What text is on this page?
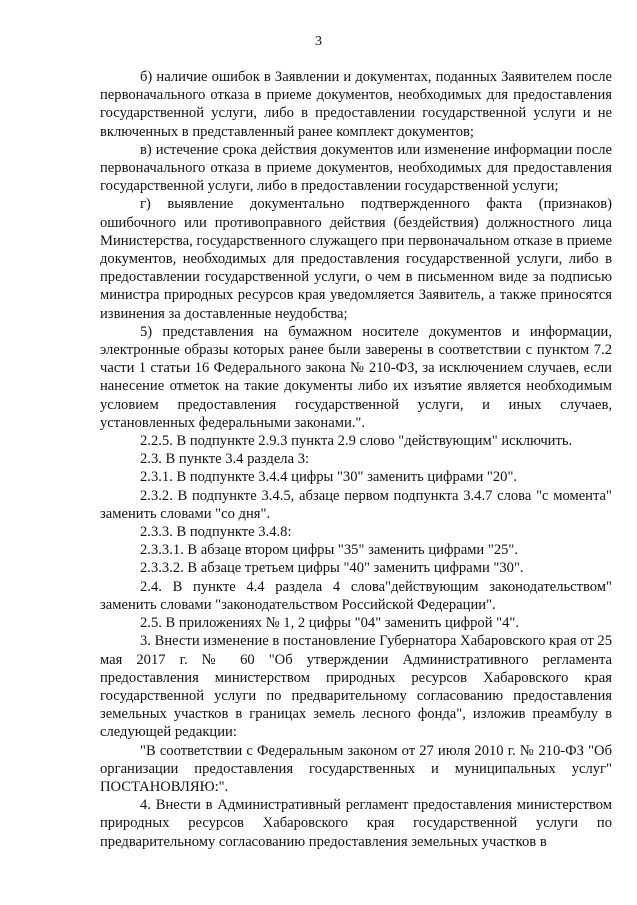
3

б) наличие ошибок в Заявлении и документах, поданных Заявителем после первоначального отказа в приеме документов, необходимых для предоставления государственной услуги, либо в предоставлении государственной услуги и не включенных в представленный ранее комплект документов;

в) истечение срока действия документов или изменение информации после первоначального отказа в приеме документов, необходимых для предоставления государственной услуги, либо в предоставлении государственной услуги;

г) выявление документально подтвержденного факта (признаков) ошибочного или противоправного действия (бездействия) должностного лица Министерства, государственного служащего при первоначальном отказе в приеме документов, необходимых для предоставления государственной услуги, либо в предоставлении государственной услуги, о чем в письменном виде за подписью министра природных ресурсов края уведомляется Заявитель, а также приносятся извинения за доставленные неудобства;

5) представления на бумажном носителе документов и информации, электронные образы которых ранее были заверены в соответствии с пунктом 7.2 части 1 статьи 16 Федерального закона № 210-ФЗ, за исключением случаев, если нанесение отметок на такие документы либо их изъятие является необходимым условием предоставления государственной услуги, и иных случаев, установленных федеральными законами.".

2.2.5. В подпункте 2.9.3 пункта 2.9 слово "действующим" исключить.

2.3. В пункте 3.4 раздела 3:

2.3.1. В подпункте 3.4.4 цифры "30" заменить цифрами "20".

2.3.2. В подпункте 3.4.5, абзаце первом подпункта 3.4.7 слова "с момента" заменить словами "со дня".

2.3.3. В подпункте 3.4.8:

2.3.3.1. В абзаце втором цифры "35" заменить цифрами "25".

2.3.3.2. В абзаце третьем цифры "40" заменить цифрами "30".

2.4. В пункте 4.4 раздела 4 слова"действующим законодательством" заменить словами "законодательством Российской Федерации".

2.5. В приложениях № 1, 2 цифры "04" заменить цифрой "4".

3. Внести изменение в постановление Губернатора Хабаровского края от 25 мая 2017 г. № 60 "Об утверждении Административного регламента предоставления министерством природных ресурсов Хабаровского края государственной услуги по предварительному согласованию предоставления земельных участков в границах земель лесного фонда", изложив преамбулу в следующей редакции:

"В соответствии с Федеральным законом от 27 июля 2010 г. № 210-ФЗ "Об организации предоставления государственных и муниципальных услуг" ПОСТАНОВЛЯЮ:".

4. Внести в Административный регламент предоставления министерством природных ресурсов Хабаровского края государственной услуги по предварительному согласованию предоставления земельных участков в
